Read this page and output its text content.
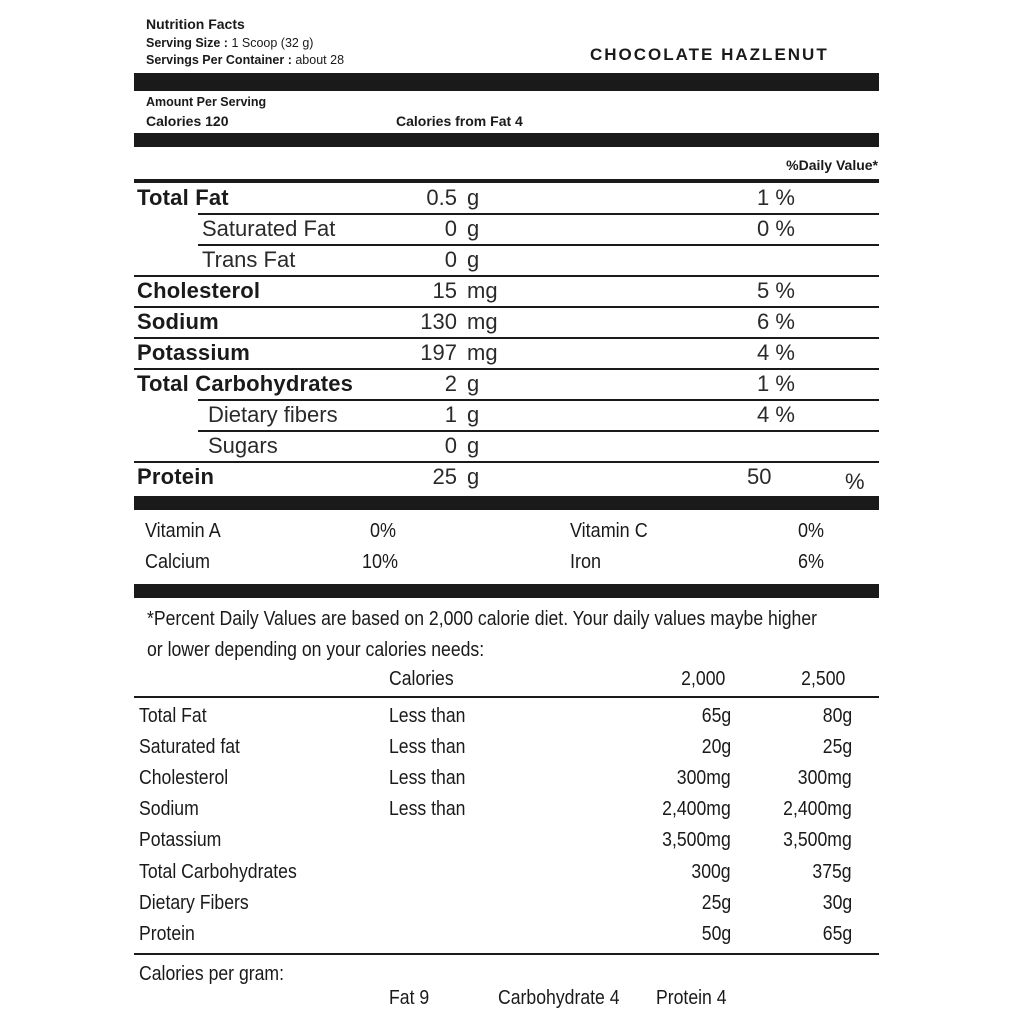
Nutrition Facts
Serving Size : 1 Scoop (32 g)
Servings Per Container : about 28	CHOCOLATE HAZLENUT
Amount Per Serving
Calories 120	Calories from Fat 4
%Daily Value*
Total Fat	0.5 g	1 %
Saturated Fat	0 g	0 %
Trans Fat	0 g
Cholesterol	15 mg	5 %
Sodium	130 mg	6 %
Potassium	197 mg	4 %
Total Carbohydrates	2 g	1 %
Dietary fibers	1 g	4 %
Sugars	0 g
Protein	25 g	50	%
Vitamin A	0%	Vitamin C	0%
Calcium	10%	Iron	6%
*Percent Daily Values are based on 2,000 calorie diet. Your daily values maybe higher
or lower depending on your calories needs:
Calories	2,000	2,500
Total Fat	Less than	65g	80g
Saturated fat	Less than	20g	25g
Cholesterol	Less than	300mg	300mg
Sodium	Less than	2,400mg	2,400mg
Potassium	3,500mg	3,500mg
Total Carbohydrates	300g	375g
Dietary Fibers	25g	30g
Protein	50g	65g
Calories per gram:
Fat 9	Carbohydrate 4 Protein 4
